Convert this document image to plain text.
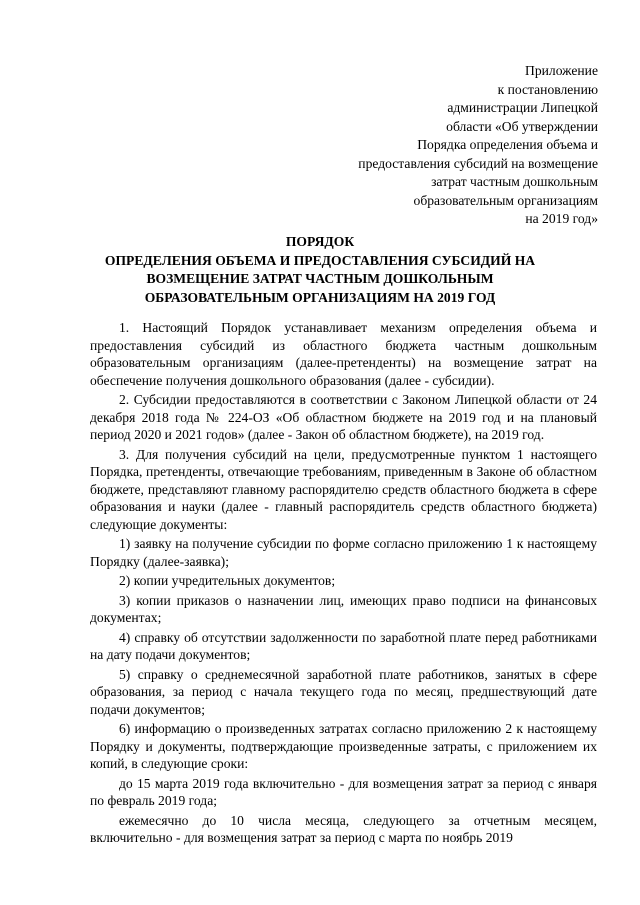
Приложение
к постановлению
администрации Липецкой
области «Об утверждении
Порядка определения объема и
предоставления субсидий на возмещение
затрат частным дошкольным
образовательным организациям
на 2019 год»
ПОРЯДОК
ОПРЕДЕЛЕНИЯ ОБЪЕМА И ПРЕДОСТАВЛЕНИЯ СУБСИДИЙ НА
ВОЗМЕЩЕНИЕ ЗАТРАТ ЧАСТНЫМ ДОШКОЛЬНЫМ
ОБРАЗОВАТЕЛЬНЫМ ОРГАНИЗАЦИЯМ НА 2019 ГОД

1. Настоящий Порядок устанавливает механизм определения объема и предоставления субсидий из областного бюджета частным дошкольным образовательным организациям (далее-претенденты) на возмещение затрат на обеспечение получения дошкольного образования (далее - субсидии).

2. Субсидии предоставляются в соответствии с Законом Липецкой области от 24 декабря 2018 года № 224-ОЗ «Об областном бюджете на 2019 год и на плановый период 2020 и 2021 годов» (далее - Закон об областном бюджете), на 2019 год.

3. Для получения субсидий на цели, предусмотренные пунктом 1 настоящего Порядка, претенденты, отвечающие требованиям, приведенным в Законе об областном бюджете, представляют главному распорядителю средств областного бюджета в сфере образования и науки (далее - главный распорядитель средств областного бюджета) следующие документы:

1) заявку на получение субсидии по форме согласно приложению 1 к настоящему Порядку (далее-заявка);

2) копии учредительных документов;

3) копии приказов о назначении лиц, имеющих право подписи на финансовых документах;

4) справку об отсутствии задолженности по заработной плате перед работниками на дату подачи документов;

5) справку о среднемесячной заработной плате работников, занятых в сфере образования, за период с начала текущего года по месяц, предшествующий дате подачи документов;

6) информацию о произведенных затратах согласно приложению 2 к настоящему Порядку и документы, подтверждающие произведенные затраты, с приложением их копий, в следующие сроки:

до 15 марта 2019 года включительно - для возмещения затрат за период с января по февраль 2019 года;

ежемесячно до 10 числа месяца, следующего за отчетным месяцем, включительно - для возмещения затрат за период с марта по ноябрь 2019
